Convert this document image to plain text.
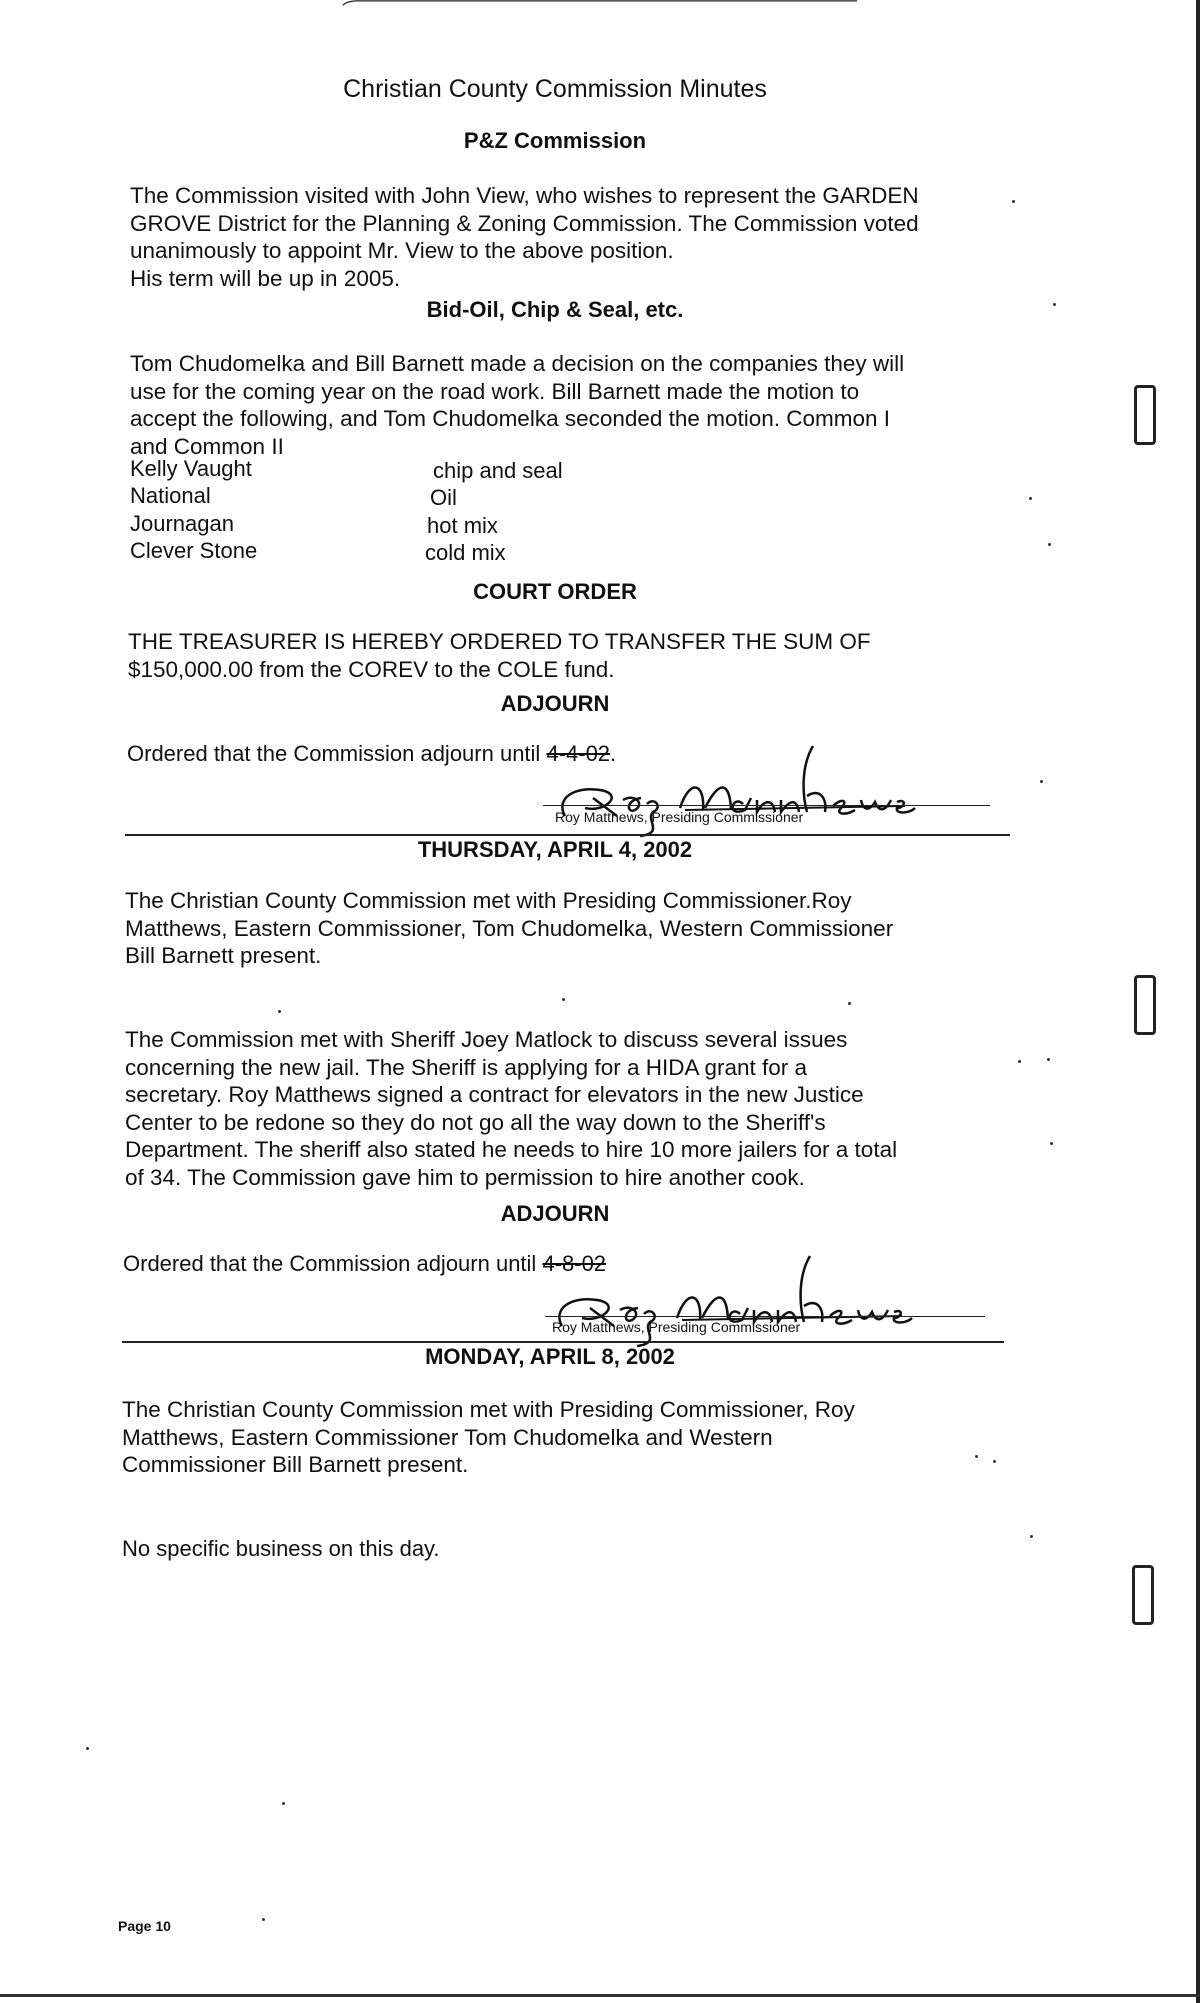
Christian County Commission Minutes
P&Z Commission
The Commission visited with John View, who wishes to represent the GARDEN
GROVE District for the Planning & Zoning Commission. The Commission voted
unanimously to appoint Mr. View to the above position.
His term will be up in 2005.
Bid-Oil, Chip & Seal, etc.
Tom Chudomelka and Bill Barnett made a decision on the companies they will
use for the coming year on the road work. Bill Barnett made the motion to
accept the following, and Tom Chudomelka seconded the motion. Common I
and Common II
Kelly Vaught	chip and seal
National	Oil
Journagan	hot mix
Clever Stone	cold mix
COURT ORDER
THE TREASURER IS HEREBY ORDERED TO TRANSFER THE SUM OF
$150,000.00 from the COREV to the COLE fund.
ADJOURN
Ordered that the Commission adjourn until 4-4-02.
Roy Matthews, Presiding Commissioner
THURSDAY, APRIL 4, 2002
The Christian County Commission met with Presiding Commissioner.Roy
Matthews, Eastern Commissioner, Tom Chudomelka, Western Commissioner
Bill Barnett present.
The Commission met with Sheriff Joey Matlock to discuss several issues
concerning the new jail. The Sheriff is applying for a HIDA grant for a
secretary. Roy Matthews signed a contract for elevators in the new Justice
Center to be redone so they do not go all the way down to the Sheriff's
Department. The sheriff also stated he needs to hire 10 more jailers for a total
of 34. The Commission gave him to permission to hire another cook.
ADJOURN
Ordered that the Commission adjourn until 4-8-02
Roy Matthews, Presiding Commissioner
MONDAY, APRIL 8, 2002
The Christian County Commission met with Presiding Commissioner, Roy
Matthews, Eastern Commissioner Tom Chudomelka and Western
Commissioner Bill Barnett present.
No specific business on this day.
Page 10
